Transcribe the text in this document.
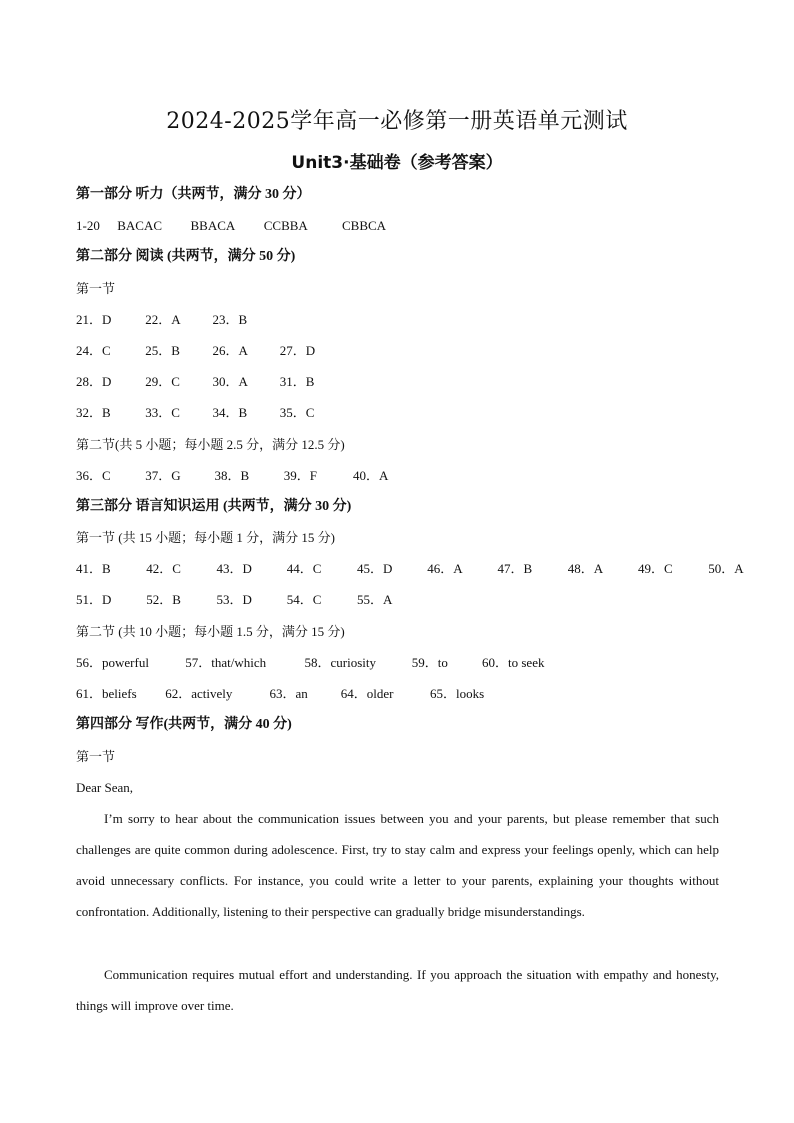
2024-2025学年高一必修第一册英语单元测试
Unit3·基础卷（参考答案）
第一部分 听力（共两节，满分 30 分）
1-20 BACAC BBACA CCBBA	CBBCA
第二部分 阅读 (共两节，满分 50 分)
第一节
21．D	22．A 23．B
24．C	25．B	26．A 27．D
28．D	29．C	30．A 31．B
32．B	33．C	34．B	35．C
第二节(共 5 小题；每小题 2.5 分，满分 12.5 分)
36．C	37．G	38．B	39．F	40．A
第三部分 语言知识运用 (共两节，满分 30 分)
第一节 (共 15 小题；每小题 1 分，满分 15 分)
41．B	42．C	43．D	44．C	45．D	46．A	47．B	48．A	49．C	50．A
51．D	52．B	53．D	54．C	55．A
第二节 (共 10 小题；每小题 1.5 分，满分 15 分)
56．powerful	57．that/which	58．curiosity	59．to	60．to seek
61．beliefs 62．actively	63．an	64．older	65．looks
第四部分 写作(共两节，满分 40 分)
第一节
Dear Sean,
I’m sorry to hear about the communication issues between you and your parents, but please remember that such challenges are quite common during adolescence. First, try to stay calm and express your feelings openly, which can help avoid unnecessary conflicts. For instance, you could write a letter to your parents, explaining your thoughts without confrontation. Additionally, listening to their perspective can gradually bridge misunderstandings.
Communication requires mutual effort and understanding. If you approach the situation with empathy and honesty, things will improve over time.
